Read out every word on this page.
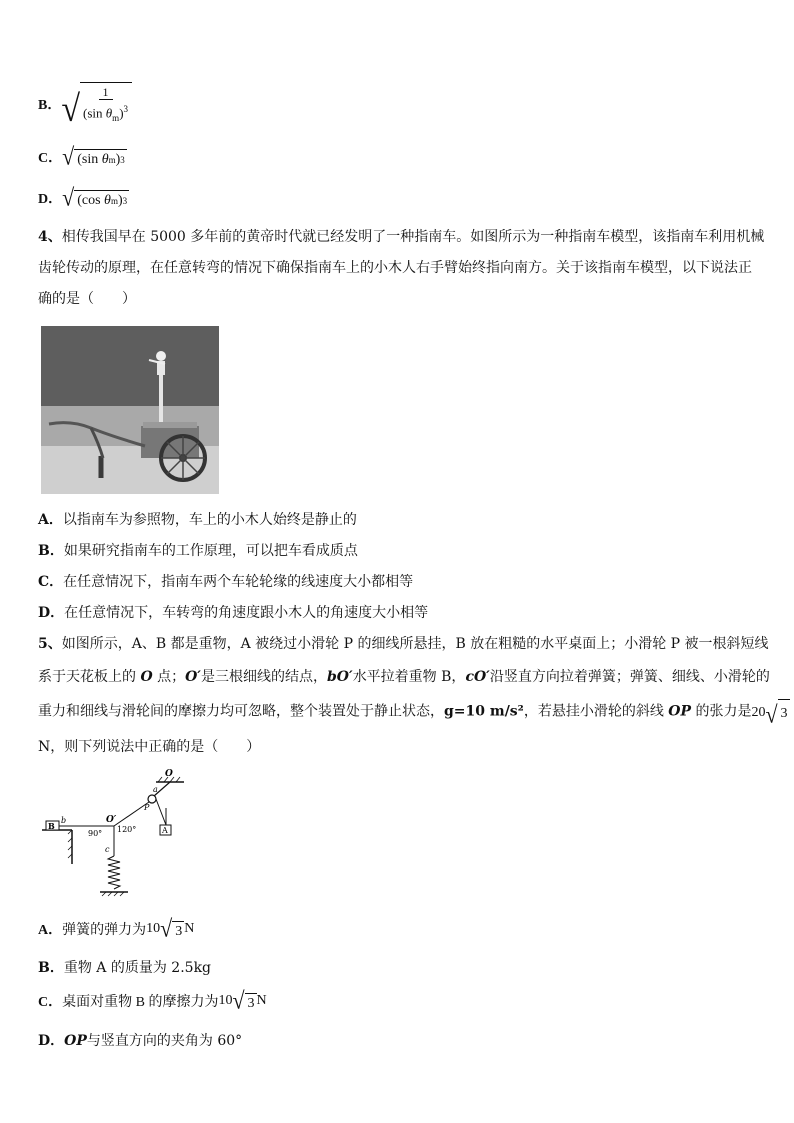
B． √ $\frac{1}{(\sin \theta_m)^3}$
C． √ ( sin
θ m ) 3
D． √ ( cos
θ m ) 3
4、相传我国早在 5000 多年前的黄帝时代就已经发明了一种指南车。如图所示为一种指南车模型，该指南车利用机械
齿轮传动的原理，在任意转弯的情况下确保指南车上的小木人右手臂始终指向南方。关于该指南车模型，以下说法正
确的是（　　）
A．以指南车为参照物，车上的小木人始终是静止的
B．如果研究指南车的工作原理，可以把车看成质点
C．在任意情况下，指南车两个车轮轮缘的线速度大小都相等
D．在任意情况下，车转弯的角速度跟小木人的角速度大小相等
5、如图所示，A、B 都是重物，A 被绕过小滑轮 P 的细线所悬挂，B 放在粗糙的水平桌面上；小滑轮 P 被一根斜短线
系于天花板上的 O 点；O′是三根细线的结点，bO′水平拉着重物 B，cO′沿竖直方向拉着弹簧；弹簧、细线、小滑轮的
重力和细线与滑轮间的摩擦力均可忽略，整个装置处于静止状态，g=10 m/s²，若悬挂小滑轮的斜线 OP 的张力是 20 √ 3
N，则下列说法中正确的是（　　）
O
a
P
A
B
b	O′
90° 120°
c
A． 弹簧的弹力为 10 √ 3 N
B．重物 A 的质量为 2.5kg
C． 桌面对重物 B 的摩擦力为 10 √ 3 N
D．OP与竖直方向的夹角为 60°
